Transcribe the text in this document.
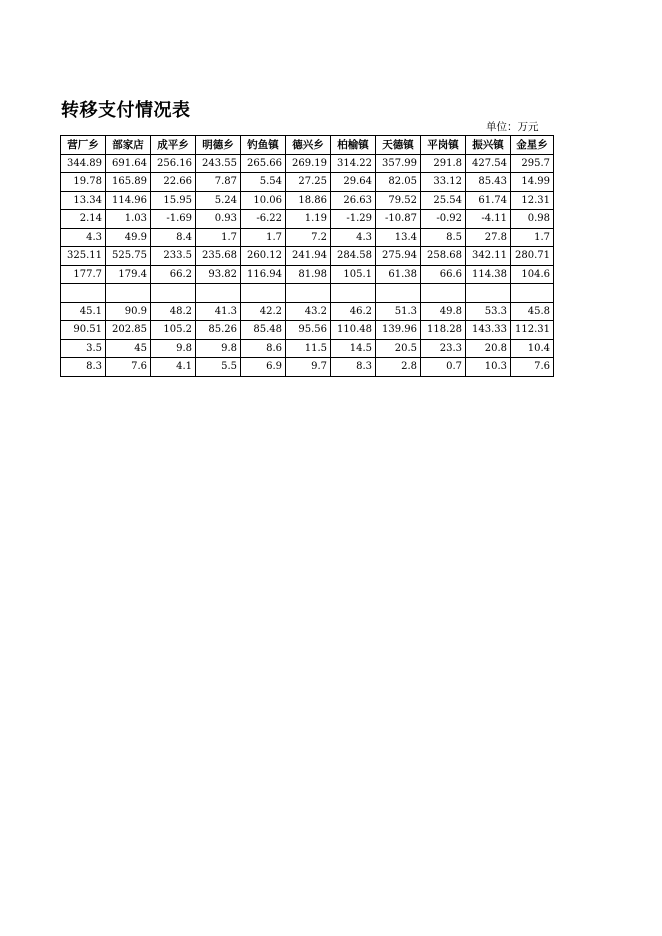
转移支付情况表
单位：万元
营厂乡	部家店	成平乡	明德乡	钓鱼镇	德兴乡	柏榆镇	天德镇	平岗镇	振兴镇	金星乡
344.89	691.64	256.16	243.55	265.66	269.19	314.22	357.99	291.8	427.54	295.7
19.78	165.89	22.66	7.87	5.54	27.25	29.64	82.05	33.12	85.43	14.99
13.34	114.96	15.95	5.24	10.06	18.86	26.63	79.52	25.54	61.74	12.31
2.14	1.03	-1.69	0.93	-6.22	1.19	-1.29	-10.87	-0.92	-4.11	0.98
4.3	49.9	8.4	1.7	1.7	7.2	4.3	13.4	8.5	27.8	1.7
325.11	525.75	233.5	235.68	260.12	241.94	284.58	275.94	258.68	342.11	280.71
177.7	179.4	66.2	93.82	116.94	81.98	105.1	61.38	66.6	114.38	104.6

45.1	90.9	48.2	41.3	42.2	43.2	46.2	51.3	49.8	53.3	45.8
90.51	202.85	105.2	85.26	85.48	95.56	110.48	139.96	118.28	143.33	112.31
3.5	45	9.8	9.8	8.6	11.5	14.5	20.5	23.3	20.8	10.4
8.3	7.6	4.1	5.5	6.9	9.7	8.3	2.8	0.7	10.3	7.6
